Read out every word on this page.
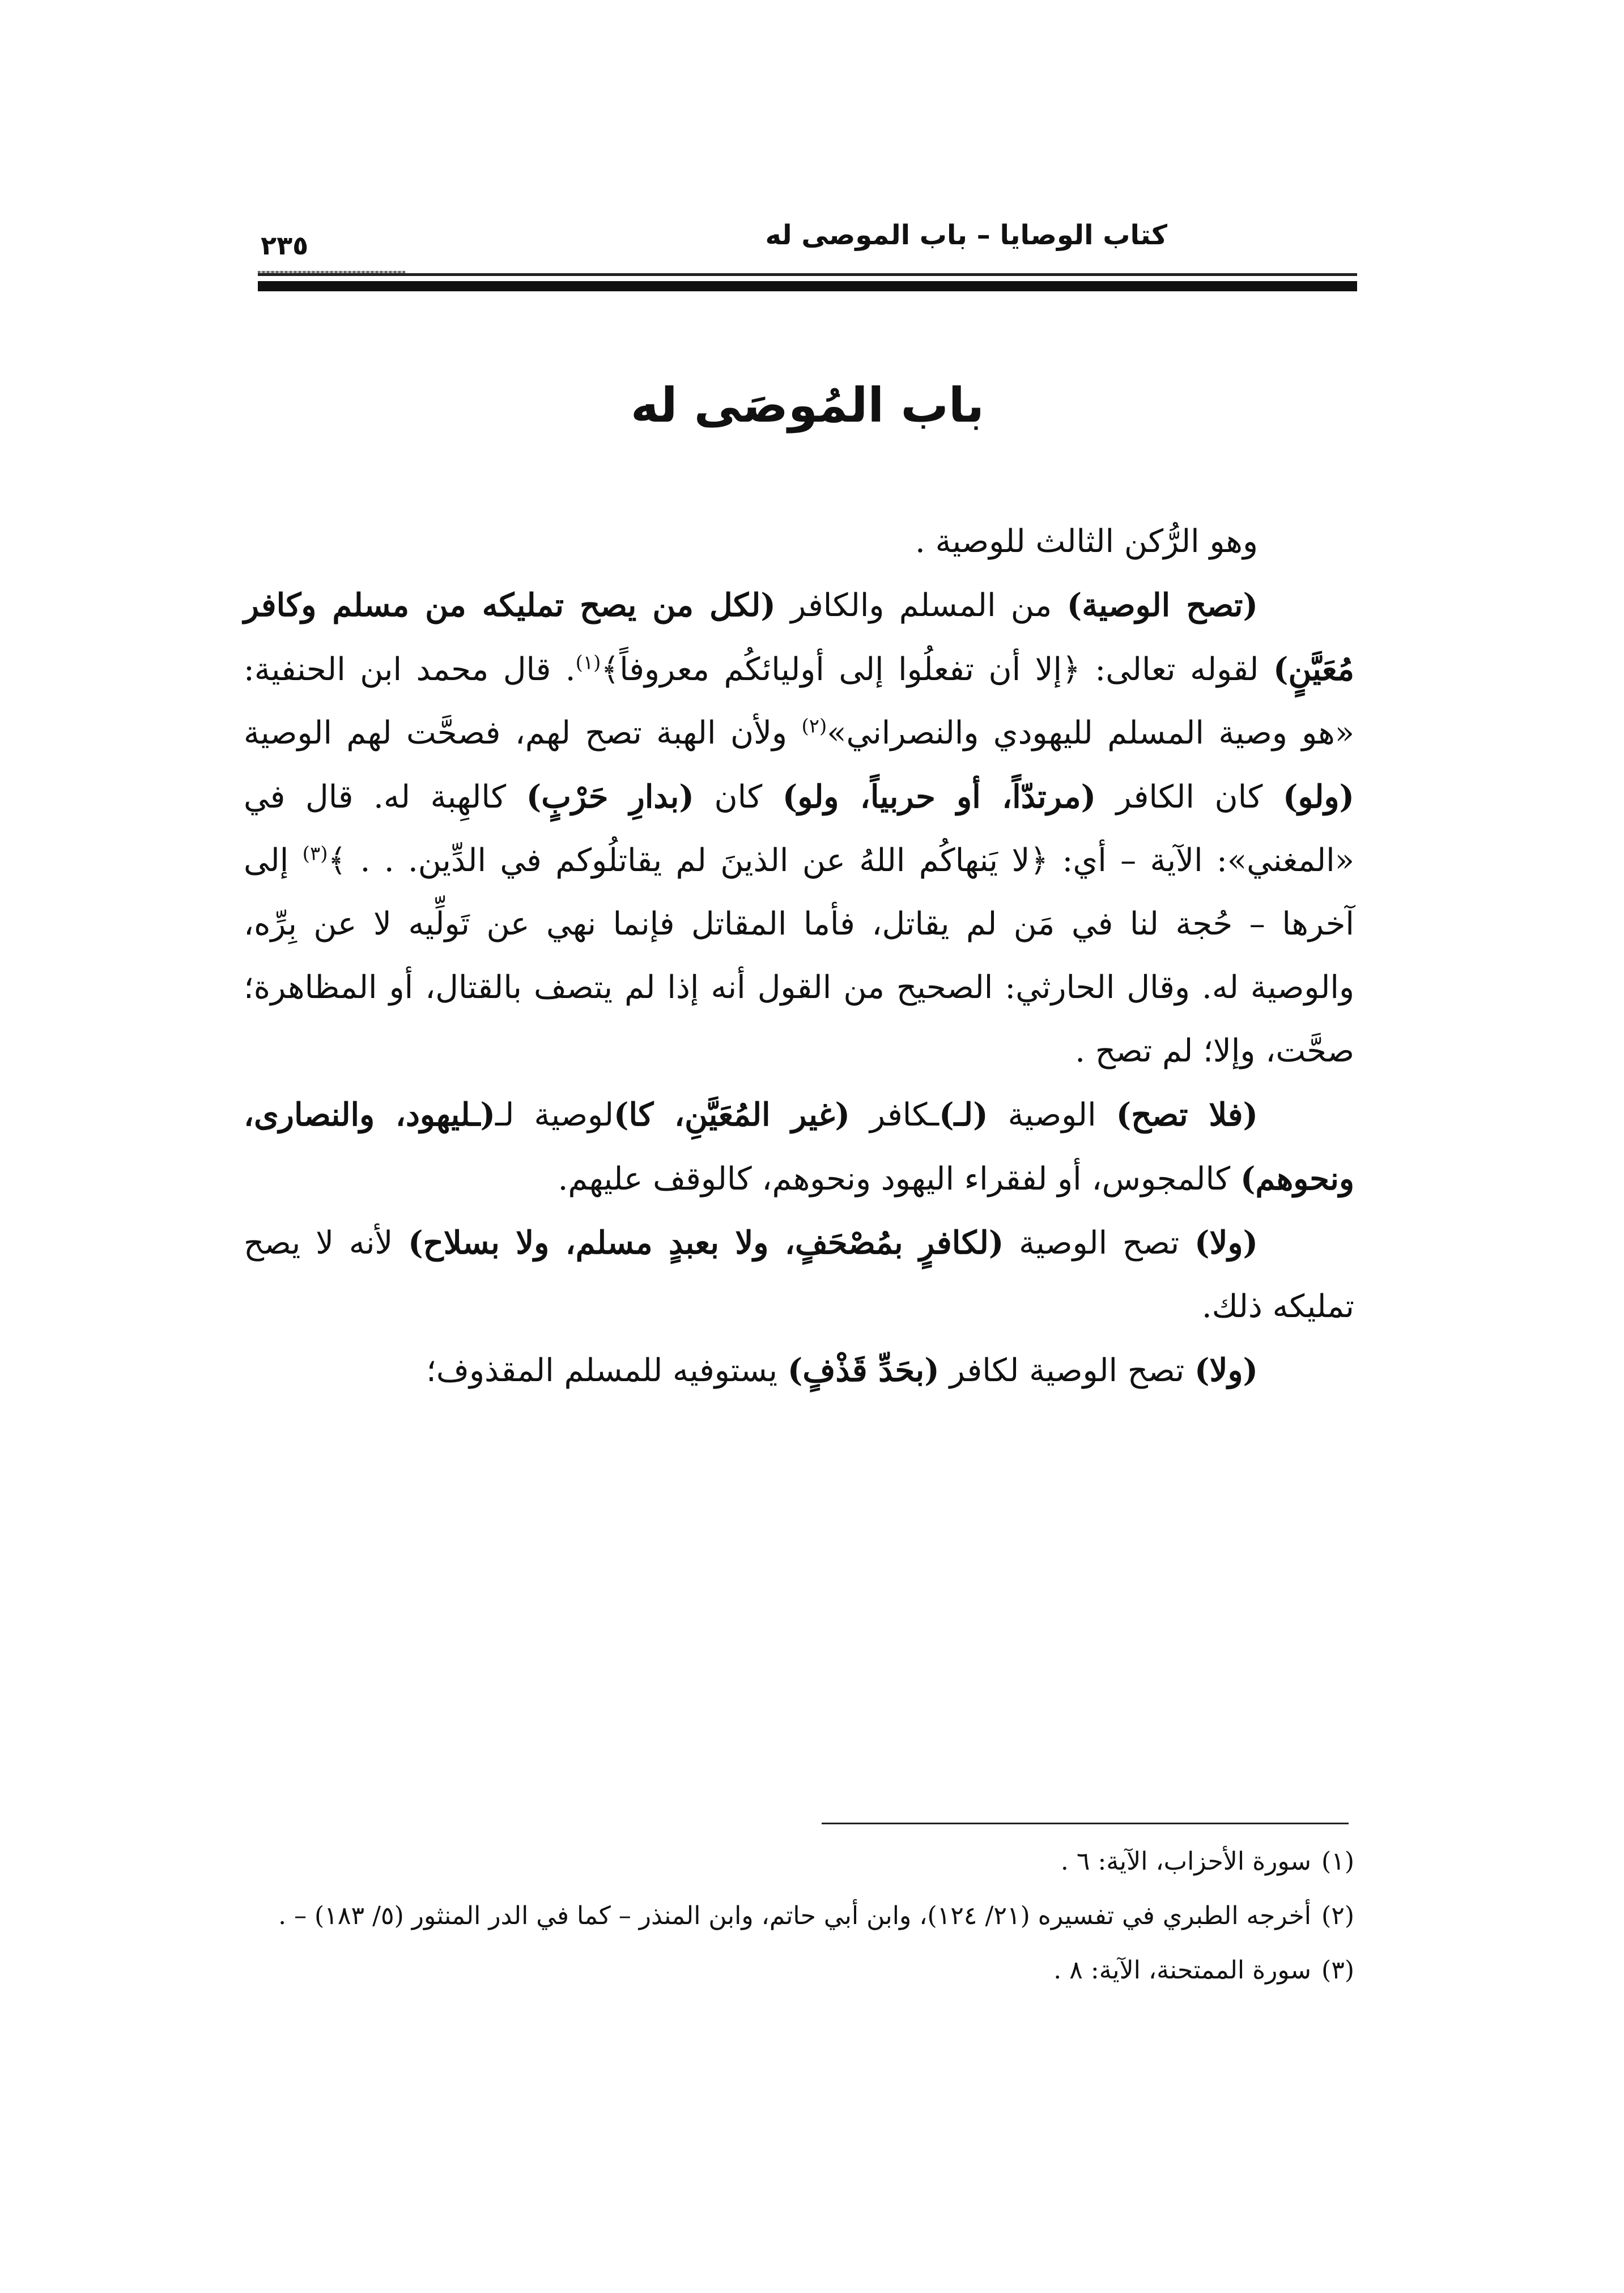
كتاب الوصايا – باب الموصى له
٢٣٥
باب المُوصَى له

وهو الرُّكن الثالث للوصية .

(تصح الوصية) من المسلم والكافر (لكل من يصح تمليكه من مسلم وكافر مُعَيَّنٍ) لقوله تعالى: ﴿إلا أن تفعلُوا إلى أوليائكُم معروفاً﴾$^{(١)}$. قال محمد ابن الحنفية: «هو وصية المسلم لليهودي والنصراني»$^{(٢)}$ ولأن الهبة تصح لهم، فصحَّت لهم الوصية (ولو) كان الكافر (مرتدّاً، أو حربياً، ولو) كان (بدارِ حَرْبٍ) كالهِبة له. قال في «المغني»: الآية – أي: ﴿لا يَنهاكُم اللهُ عن الذينَ لم يقاتلُوكم في الدِّين. . . ﴾$^{(٣)}$ إلى آخرها – حُجة لنا في مَن لم يقاتل، فأما المقاتل فإنما نهي عن تَولِّيه لا عن بِرِّه، والوصية له. وقال الحارثي: الصحيح من القول أنه إذا لم يتصف بالقتال، أو المظاهرة؛ صحَّت، وإلا؛ لم تصح .

(فلا تصح) الوصية (لـ)ـكافر (غير المُعَيَّنِ، كا)لوصية لـ(ـليهود، والنصارى، ونحوهم) كالمجوس، أو لفقراء اليهود ونحوهم، كالوقف عليهم.

(ولا) تصح الوصية (لكافرٍ بمُصْحَفٍ، ولا بعبدٍ مسلم، ولا بسلاح) لأنه لا يصح تمليكه ذلك.

(ولا) تصح الوصية لكافر (بحَدِّ قَذْفٍ) يستوفيه للمسلم المقذوف؛

(١)سورة الأحزاب، الآية: ٦ .

(٢)أخرجه الطبري في تفسيره (٢١/ ١٢٤)، وابن أبي حاتم، وابن المنذر – كما في الدر المنثور (٥/ ١٨٣) – .

(٣)سورة الممتحنة، الآية: ٨ .
